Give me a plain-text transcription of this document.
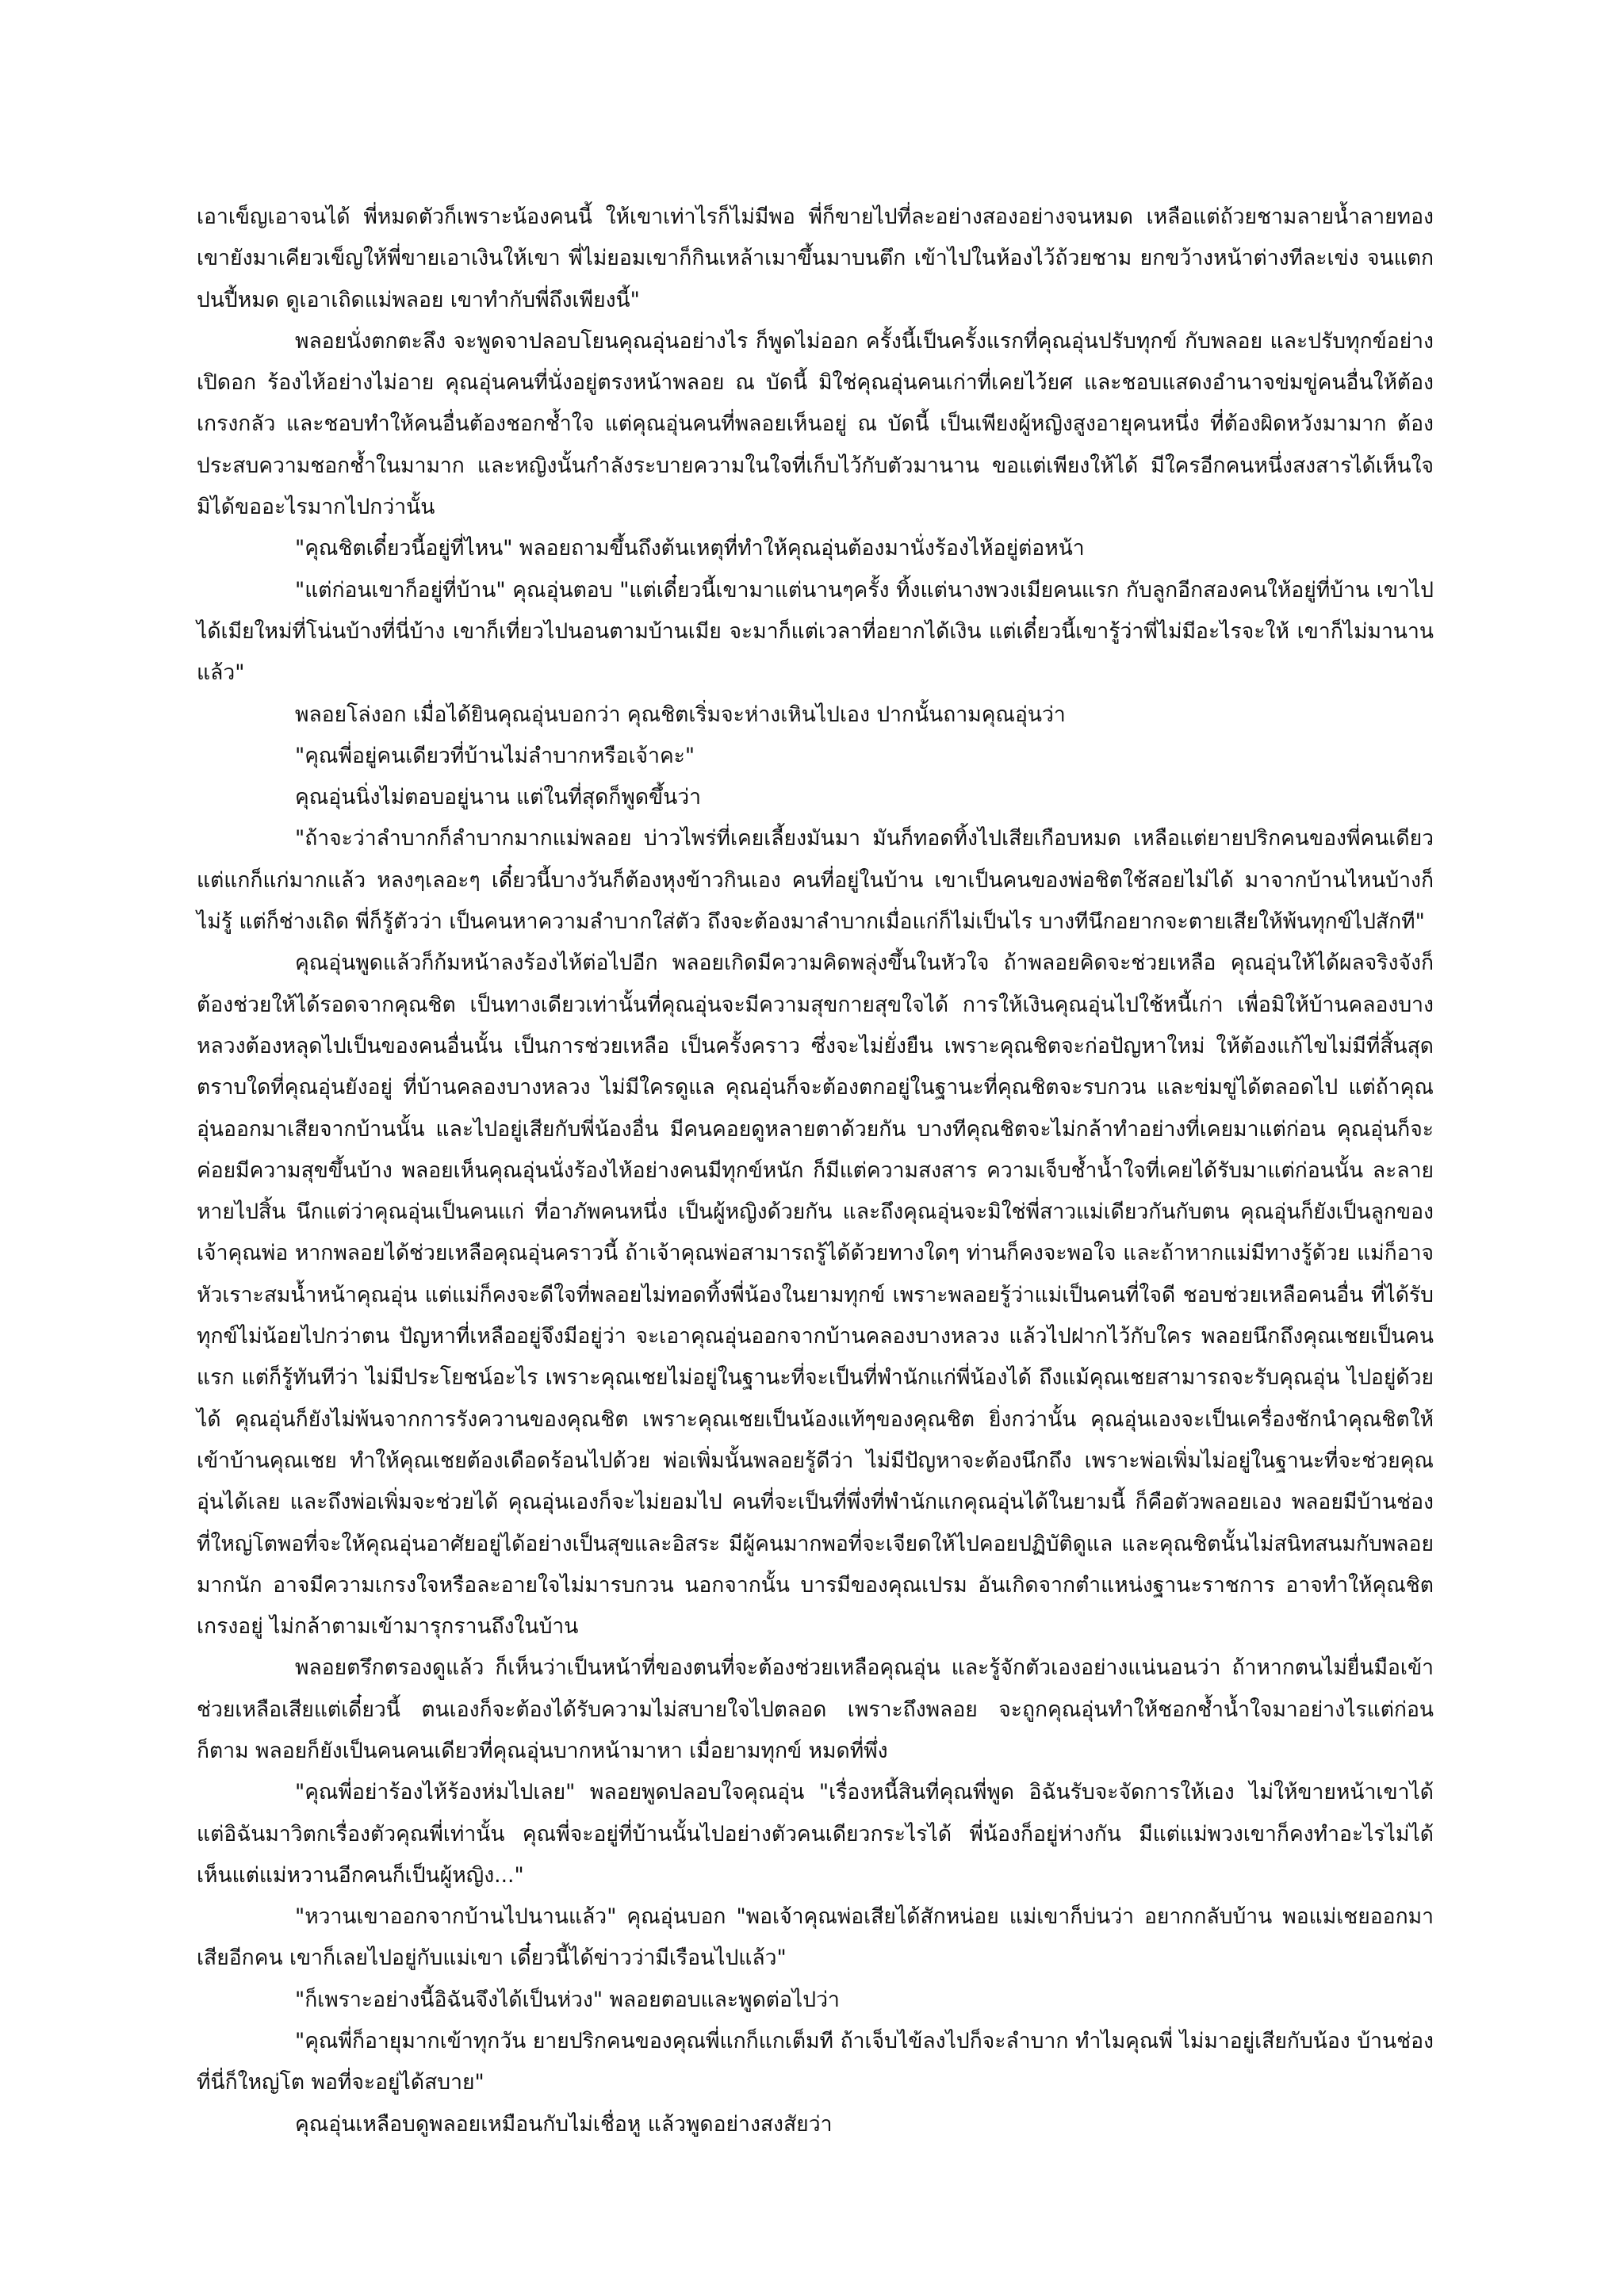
เอาเข็ญเอาจนได้ พี่หมดตัวก็เพราะน้องคนนี้ ให้เขาเท่าไรก็ไม่มีพอ พี่ก็ขายไปที่ละอย่างสองอย่างจนหมด เหลือแต่ถ้วยชามลายน้ำลายทอง เขายังมาเคียวเข็ญให้พี่ขายเอาเงินให้เขา พี่ไม่ยอมเขาก็กินเหล้าเมาขึ้นมาบนตึก เข้าไปในห้องไว้ถ้วยชาม ยกขว้างหน้าต่างทีละเข่ง จนแตกปนปี้หมด ดูเอาเถิดแม่พลอย เขาทำกับพี่ถึงเพียงนี้"

พลอยนั่งตกตะลึง จะพูดจาปลอบโยนคุณอุ่นอย่างไร ก็พูดไม่ออก ครั้งนี้เป็นครั้งแรกที่คุณอุ่นปรับทุกข์ กับพลอย และปรับทุกข์อย่างเปิดอก ร้องไห้อย่างไม่อาย คุณอุ่นคนที่นั่งอยู่ตรงหน้าพลอย ณ บัดนี้ มิใช่คุณอุ่นคนเก่าที่เคยไว้ยศ และชอบแสดงอำนาจข่มขู่คนอื่นให้ต้องเกรงกลัว และชอบทำให้คนอื่นต้องชอกช้ำใจ แต่คุณอุ่นคนที่พลอยเห็นอยู่ ณ บัดนี้ เป็นเพียงผู้หญิงสูงอายุคนหนึ่ง ที่ต้องผิดหวังมามาก ต้องประสบความชอกช้ำในมามาก และหญิงนั้นกำลังระบายความในใจที่เก็บไว้กับตัวมานาน ขอแต่เพียงให้ได้ มีใครอีกคนหนึ่งสงสารได้เห็นใจ มิได้ขออะไรมากไปกว่านั้น

"คุณชิตเดี๋ยวนี้อยู่ที่ไหน" พลอยถามขึ้นถึงต้นเหตุที่ทำให้คุณอุ่นต้องมานั่งร้องไห้อยู่ต่อหน้า

"แต่ก่อนเขาก็อยู่ที่บ้าน" คุณอุ่นตอบ "แต่เดี๋ยวนี้เขามาแต่นานๆครั้ง ทิ้งแต่นางพวงเมียคนแรก กับลูกอีกสองคนให้อยู่ที่บ้าน เขาไปได้เมียใหม่ที่โน่นบ้างที่นี่บ้าง เขาก็เที่ยวไปนอนตามบ้านเมีย จะมาก็แต่เวลาที่อยากได้เงิน แต่เดี๋ยวนี้เขารู้ว่าพี่ไม่มีอะไรจะให้ เขาก็ไม่มานานแล้ว"

พลอยโล่งอก เมื่อได้ยินคุณอุ่นบอกว่า คุณชิตเริ่มจะห่างเหินไปเอง ปากนั้นถามคุณอุ่นว่า

"คุณพี่อยู่คนเดียวที่บ้านไม่ลำบากหรือเจ้าคะ"

คุณอุ่นนิ่งไม่ตอบอยู่นาน แต่ในที่สุดก็พูดขึ้นว่า

"ถ้าจะว่าลำบากก็ลำบากมากแม่พลอย บ่าวไพร่ที่เคยเลี้ยงมันมา มันก็ทอดทิ้งไปเสียเกือบหมด เหลือแต่ยายปริกคนของพี่คนเดียว แต่แกก็แก่มากแล้ว หลงๆเลอะๆ เดี๋ยวนี้บางวันก็ต้องหุงข้าวกินเอง คนที่อยู่ในบ้าน เขาเป็นคนของพ่อชิตใช้สอยไม่ได้ มาจากบ้านไหนบ้างก็ไม่รู้ แต่ก็ช่างเถิด พี่ก็รู้ตัวว่า เป็นคนหาความลำบากใส่ตัว ถึงจะต้องมาลำบากเมื่อแก่ก็ไม่เป็นไร บางทีนึกอยากจะตายเสียให้พ้นทุกข์ไปสักที"

คุณอุ่นพูดแล้วก็ก้มหน้าลงร้องไห้ต่อไปอีก พลอยเกิดมีความคิดพลุ่งขึ้นในหัวใจ ถ้าพลอยคิดจะช่วยเหลือ คุณอุ่นให้ได้ผลจริงจังก็ต้องช่วยให้ได้รอดจากคุณชิต เป็นทางเดียวเท่านั้นที่คุณอุ่นจะมีความสุขกายสุขใจได้ การให้เงินคุณอุ่นไปใช้หนี้เก่า เพื่อมิให้บ้านคลองบางหลวงต้องหลุดไปเป็นของคนอื่นนั้น เป็นการช่วยเหลือ เป็นครั้งคราว ซึ่งจะไม่ยั่งยืน เพราะคุณชิตจะก่อปัญหาใหม่ ให้ต้องแก้ไขไม่มีที่สิ้นสุด ตราบใดที่คุณอุ่นยังอยู่ ที่บ้านคลองบางหลวง ไม่มีใครดูแล คุณอุ่นก็จะต้องตกอยู่ในฐานะที่คุณชิตจะรบกวน และข่มขู่ได้ตลอดไป แต่ถ้าคุณอุ่นออกมาเสียจากบ้านนั้น และไปอยู่เสียกับพี่น้องอื่น มีคนคอยดูหลายตาด้วยกัน บางทีคุณชิตจะไม่กล้าทำอย่างที่เคยมาแต่ก่อน คุณอุ่นก็จะค่อยมีความสุขขึ้นบ้าง พลอยเห็นคุณอุ่นนั่งร้องไห้อย่างคนมีทุกข์หนัก ก็มีแต่ความสงสาร ความเจ็บช้ำน้ำใจที่เคยได้รับมาแต่ก่อนนั้น ละลายหายไปสิ้น นึกแต่ว่าคุณอุ่นเป็นคนแก่ ที่อาภัพคนหนึ่ง เป็นผู้หญิงด้วยกัน และถึงคุณอุ่นจะมิใช่พี่สาวแม่เดียวกันกับตน คุณอุ่นก็ยังเป็นลูกของเจ้าคุณพ่อ หากพลอยได้ช่วยเหลือคุณอุ่นคราวนี้ ถ้าเจ้าคุณพ่อสามารถรู้ได้ด้วยทางใดๆ ท่านก็คงจะพอใจ และถ้าหากแม่มีทางรู้ด้วย แม่ก็อาจหัวเราะสมน้ำหน้าคุณอุ่น แต่แม่ก็คงจะดีใจที่พลอยไม่ทอดทิ้งพี่น้องในยามทุกข์ เพราะพลอยรู้ว่าแม่เป็นคนที่ใจดี ชอบช่วยเหลือคนอื่น ที่ได้รับทุกข์ไม่น้อยไปกว่าตน ปัญหาที่เหลืออยู่จึงมีอยู่ว่า จะเอาคุณอุ่นออกจากบ้านคลองบางหลวง แล้วไปฝากไว้กับใคร พลอยนึกถึงคุณเชยเป็นคนแรก แต่ก็รู้ทันทีว่า ไม่มีประโยชน์อะไร เพราะคุณเชยไม่อยู่ในฐานะที่จะเป็นที่พำนักแก่พี่น้องได้ ถึงแม้คุณเชยสามารถจะรับคุณอุ่น ไปอยู่ด้วยได้ คุณอุ่นก็ยังไม่พ้นจากการรังควานของคุณชิต เพราะคุณเชยเป็นน้องแท้ๆของคุณชิต ยิ่งกว่านั้น คุณอุ่นเองจะเป็นเครื่องชักนำคุณชิตให้เข้าบ้านคุณเชย ทำให้คุณเชยต้องเดือดร้อนไปด้วย พ่อเพิ่มนั้นพลอยรู้ดีว่า ไม่มีปัญหาจะต้องนึกถึง เพราะพ่อเพิ่มไม่อยู่ในฐานะที่จะช่วยคุณอุ่นได้เลย และถึงพ่อเพิ่มจะช่วยได้ คุณอุ่นเองก็จะไม่ยอมไป คนที่จะเป็นที่พึ่งที่พำนักแกคุณอุ่นได้ในยามนี้ ก็คือตัวพลอยเอง พลอยมีบ้านช่อง ที่ใหญ่โตพอที่จะให้คุณอุ่นอาศัยอยู่ได้อย่างเป็นสุขและอิสระ มีผู้คนมากพอที่จะเจียดให้ไปคอยปฏิบัติดูแล และคุณชิตนั้นไม่สนิทสนมกับพลอยมากนัก อาจมีความเกรงใจหรือละอายใจไม่มารบกวน นอกจากนั้น บารมีของคุณเปรม อันเกิดจากตำแหน่งฐานะราชการ อาจทำให้คุณชิตเกรงอยู่ ไม่กล้าตามเข้ามารุกรานถึงในบ้าน

พลอยตรึกตรองดูแล้ว ก็เห็นว่าเป็นหน้าที่ของตนที่จะต้องช่วยเหลือคุณอุ่น และรู้จักตัวเองอย่างแน่นอนว่า ถ้าหากตนไม่ยื่นมือเข้าช่วยเหลือเสียแต่เดี๋ยวนี้ ตนเองก็จะต้องได้รับความไม่สบายใจไปตลอด เพราะถึงพลอย จะถูกคุณอุ่นทำให้ชอกช้ำน้ำใจมาอย่างไรแต่ก่อนก็ตาม พลอยก็ยังเป็นคนคนเดียวที่คุณอุ่นบากหน้ามาหา เมื่อยามทุกข์ หมดที่พึ่ง

"คุณพี่อย่าร้องไห้ร้องห่มไปเลย" พลอยพูดปลอบใจคุณอุ่น "เรื่องหนี้สินที่คุณพี่พูด อิฉันรับจะจัดการให้เอง ไม่ให้ขายหน้าเขาได้ แต่อิฉันมาวิตกเรื่องตัวคุณพี่เท่านั้น คุณพี่จะอยู่ที่บ้านนั้นไปอย่างตัวคนเดียวกระไรได้ พี่น้องก็อยู่ห่างกัน มีแต่แม่พวงเขาก็คงทำอะไรไม่ได้ เห็นแต่แม่หวานอีกคนก็เป็นผู้หญิง..."

"หวานเขาออกจากบ้านไปนานแล้ว" คุณอุ่นบอก "พอเจ้าคุณพ่อเสียได้สักหน่อย แม่เขาก็บ่นว่า อยากกลับบ้าน พอแม่เชยออกมาเสียอีกคน เขาก็เลยไปอยู่กับแม่เขา เดี๋ยวนี้ได้ข่าวว่ามีเรือนไปแล้ว"

"ก็เพราะอย่างนี้อิฉันจึงได้เป็นห่วง" พลอยตอบและพูดต่อไปว่า

"คุณพี่ก็อายุมากเข้าทุกวัน ยายปริกคนของคุณพี่แกก็แกเต็มที ถ้าเจ็บไข้ลงไปก็จะลำบาก ทำไมคุณพี่ ไม่มาอยู่เสียกับน้อง บ้านช่องที่นี่ก็ใหญ่โต พอที่จะอยู่ได้สบาย"

คุณอุ่นเหลือบดูพลอยเหมือนกับไม่เชื่อหู แล้วพูดอย่างสงสัยว่า
